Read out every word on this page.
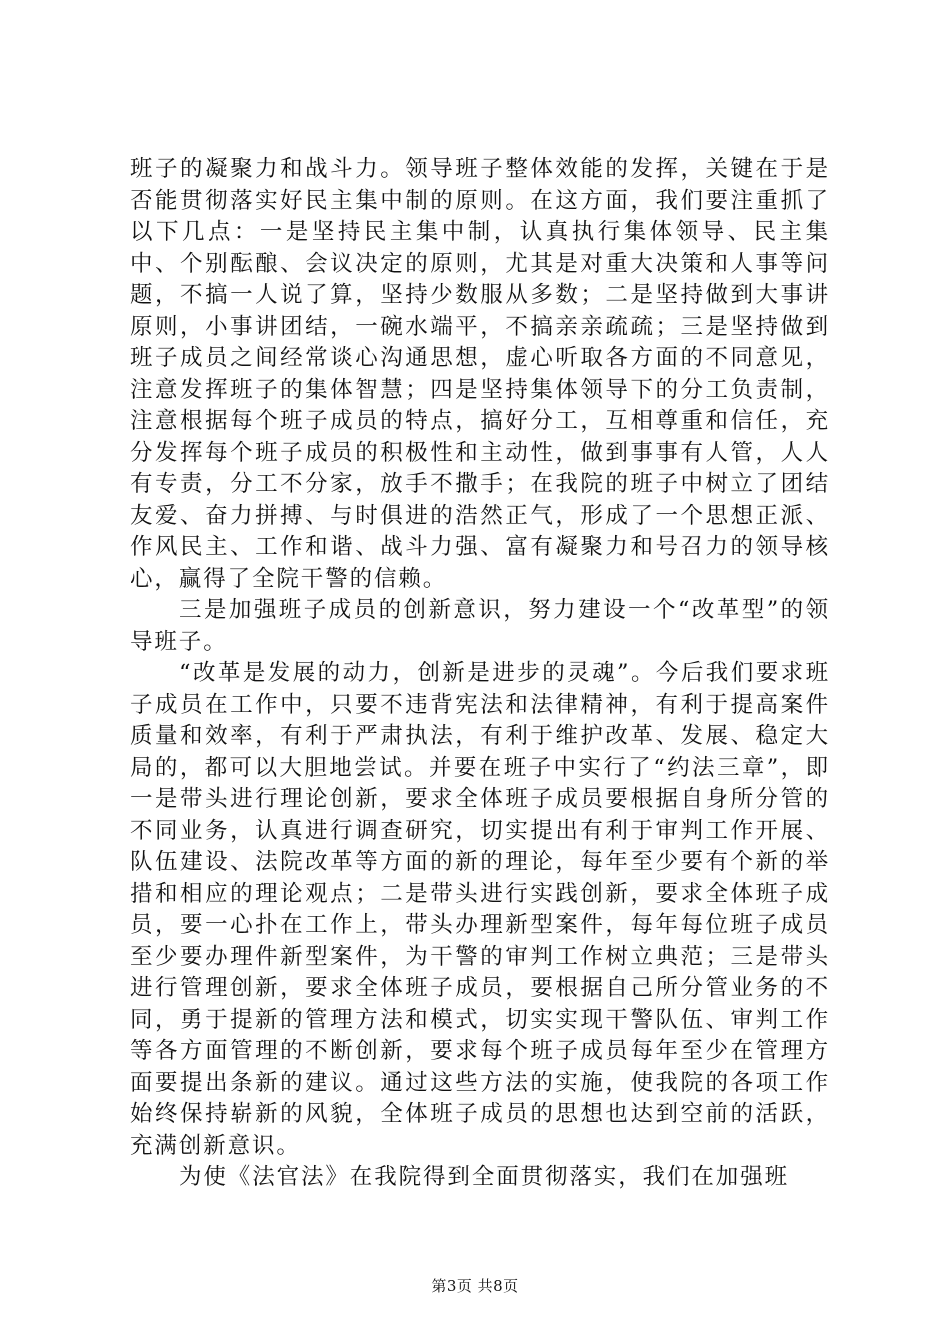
班子的凝聚力和战斗力。领导班子整体效能的发挥，关键在于是否能贯彻落实好民主集中制的原则。在这方面，我们要注重抓了以下几点：一是坚持民主集中制，认真执行集体领导、民主集中、个别酝酿、会议决定的原则，尤其是对重大决策和人事等问题，不搞一人说了算，坚持少数服从多数；二是坚持做到大事讲原则，小事讲团结，一碗水端平，不搞亲亲疏疏；三是坚持做到班子成员之间经常谈心沟通思想，虚心听取各方面的不同意见，注意发挥班子的集体智慧；四是坚持集体领导下的分工负责制，注意根据每个班子成员的特点，搞好分工，互相尊重和信任，充分发挥每个班子成员的积极性和主动性，做到事事有人管，人人有专责，分工不分家，放手不撒手；在我院的班子中树立了团结友爱、奋力拼搏、与时俱进的浩然正气，形成了一个思想正派、作风民主、工作和谐、战斗力强、富有凝聚力和号召力的领导核心，赢得了全院干警的信赖。

三是加强班子成员的创新意识，努力建设一个“改革型”的领导班子。

“改革是发展的动力，创新是进步的灵魂”。今后我们要求班子成员在工作中，只要不违背宪法和法律精神，有利于提高案件质量和效率，有利于严肃执法，有利于维护改革、发展、稳定大局的，都可以大胆地尝试。并要在班子中实行了“约法三章”，即一是带头进行理论创新，要求全体班子成员要根据自身所分管的不同业务，认真进行调查研究，切实提出有利于审判工作开展、队伍建设、法院改革等方面的新的理论，每年至少要有个新的举措和相应的理论观点；二是带头进行实践创新，要求全体班子成员，要一心扑在工作上，带头办理新型案件，每年每位班子成员至少要办理件新型案件，为干警的审判工作树立典范；三是带头进行管理创新，要求全体班子成员，要根据自己所分管业务的不同，勇于提新的管理方法和模式，切实实现干警队伍、审判工作等各方面管理的不断创新，要求每个班子成员每年至少在管理方面要提出条新的建议。通过这些方法的实施，使我院的各项工作始终保持崭新的风貌，全体班子成员的思想也达到空前的活跃，充满创新意识。

为使《法官法》在我院得到全面贯彻落实，我们在加强班

第3页 共8页
